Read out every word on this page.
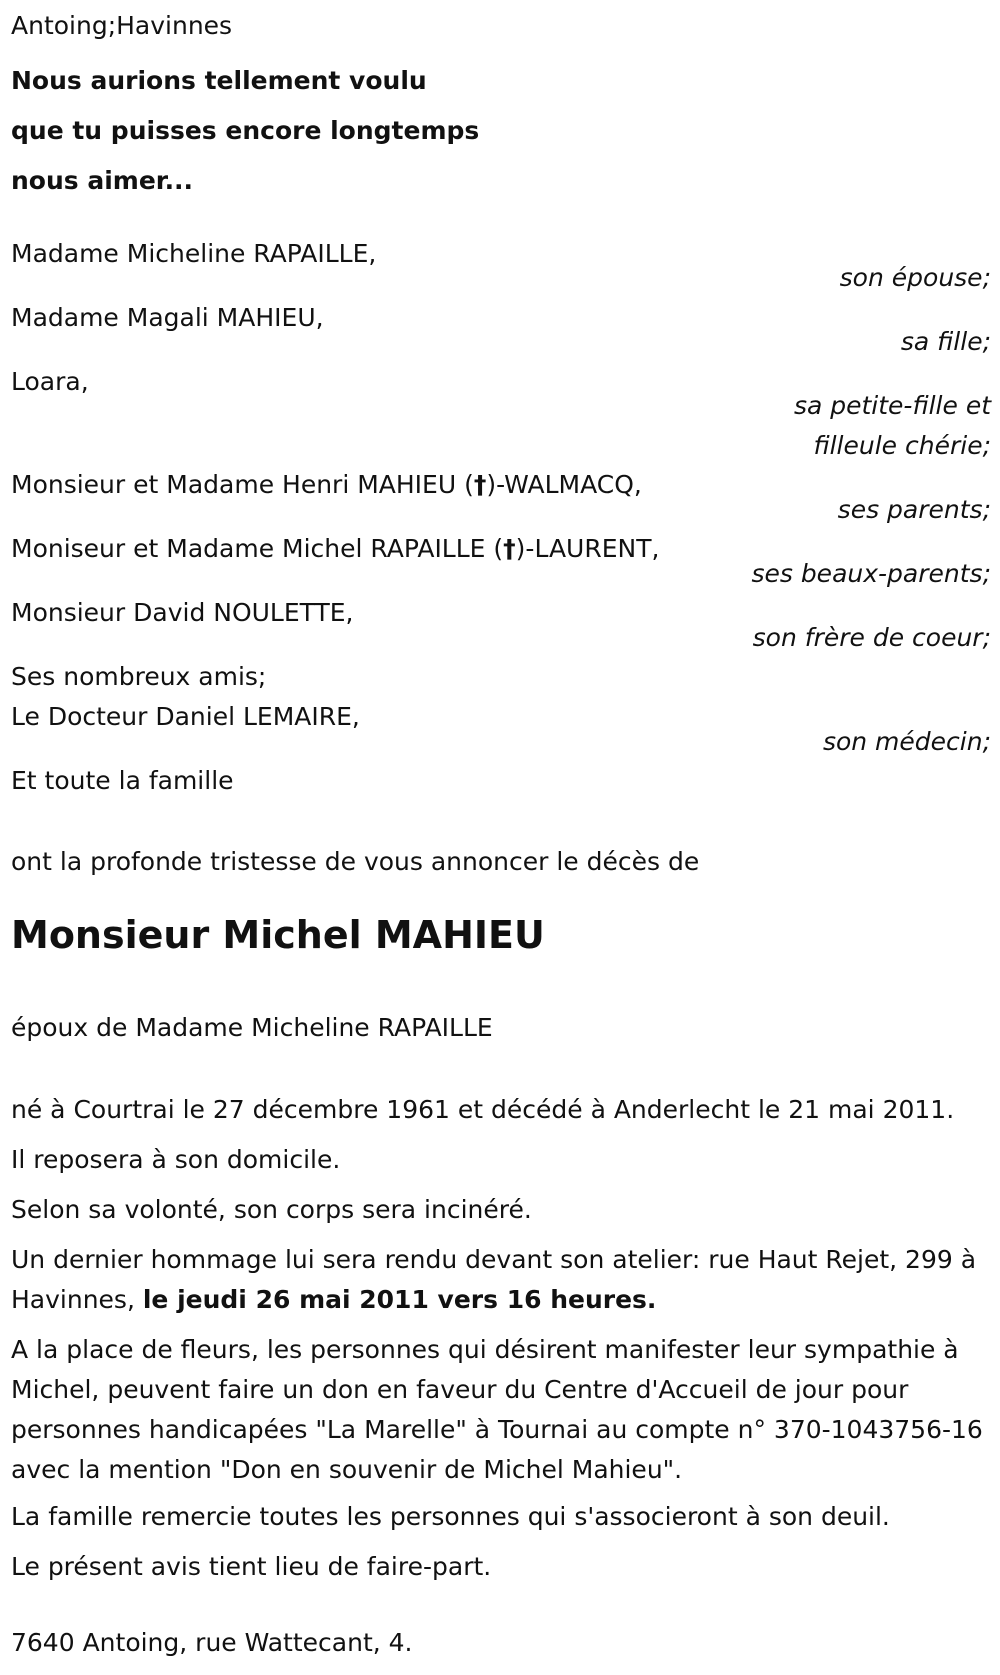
Antoing;Havinnes
Nous aurions tellement voulu
que tu puisses encore longtemps
nous aimer...
Madame Micheline RAPAILLE,
son épouse;
Madame Magali MAHIEU,
sa fille;
Loara,
sa petite-fille et
filleule chérie;
Monsieur et Madame Henri MAHIEU (†)-WALMACQ,
ses parents;
Moniseur et Madame Michel RAPAILLE (†)-LAURENT,
ses beaux-parents;
Monsieur David NOULETTE,
son frère de coeur;
Ses nombreux amis;
Le Docteur Daniel LEMAIRE,
son médecin;
Et toute la famille
ont la profonde tristesse de vous annoncer le décès de
Monsieur Michel MAHIEU
époux de Madame Micheline RAPAILLE
né à Courtrai le 27 décembre 1961 et décédé à Anderlecht le 21 mai 2011.
Il reposera à son domicile.
Selon sa volonté, son corps sera incinéré.
Un dernier hommage lui sera rendu devant son atelier: rue Haut Rejet, 299 à Havinnes, le jeudi 26 mai 2011 vers 16 heures.
A la place de fleurs, les personnes qui désirent manifester leur sympathie à Michel, peuvent faire un don en faveur du Centre d'Accueil de jour pour personnes handicapées "La Marelle" à Tournai au compte n° 370-1043756-16 avec la mention "Don en souvenir de Michel Mahieu".
La famille remercie toutes les personnes qui s'associeront à son deuil.
Le présent avis tient lieu de faire-part.
7640 Antoing, rue Wattecant, 4.
